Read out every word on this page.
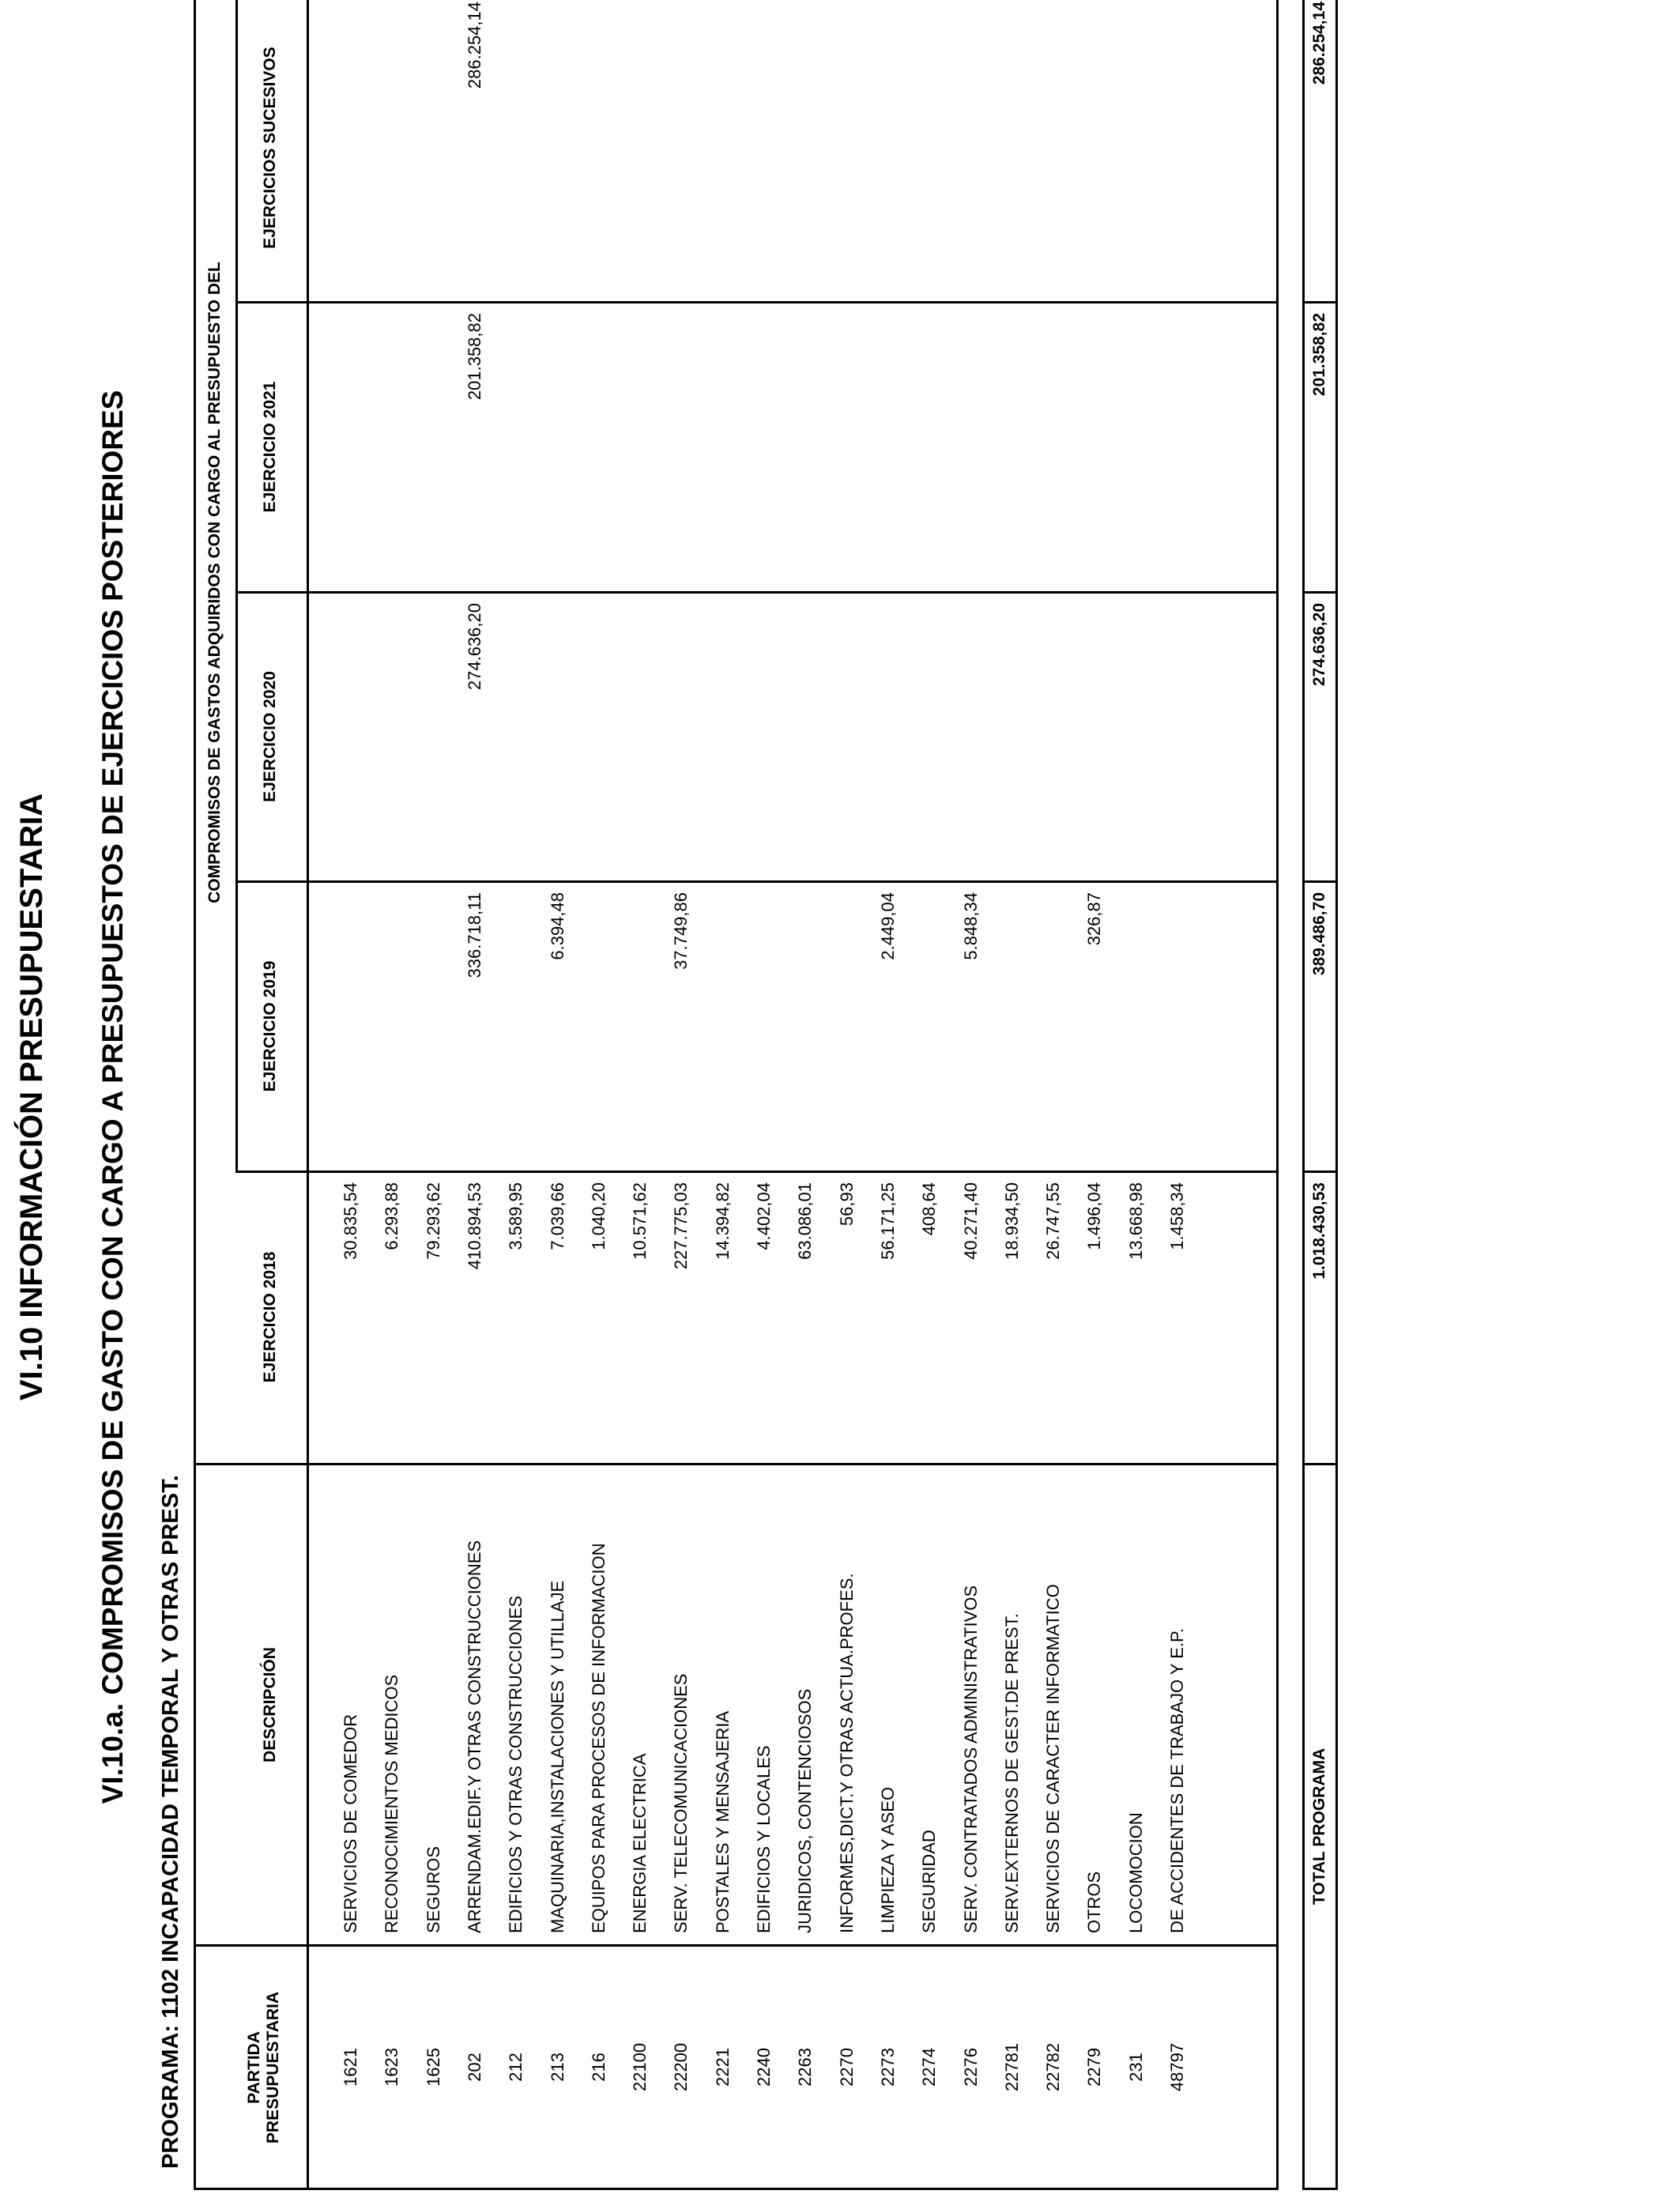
VI.10 INFORMACIÓN PRESUPUESTARIA VI.10.a. COMPROMISOS DE GASTO CON CARGO A PRESUPUESTOS DE EJERCICIOS POSTERIORES
PROGRAMA: 1102 INCAPACIDAD TEMPORAL Y OTRAS PREST.	PARTIDA PRESUPUESTARIA
DESCRIPCIÓN
EJERCICIO 2018
COMPROMISOS DE GASTOS ADQUIRIDOS CON CARGO AL PRESUPUESTO DEL
EJERCICIO 2019
EJERCICIO 2020
EJERCICIO 2021
EJERCICIOS SUCESIVOS
1621
SERVICIOS DE COMEDOR
30.835,54
1623
RECONOCIMIENTOS MEDICOS
6.293,88
1625
SEGUROS
79.293,62
202
ARRENDAM.EDIF.Y OTRAS CONSTRUCCIONES
410.894,53
336.718,11
274.636,20
201.358,82
286.254,14
212
EDIFICIOS Y OTRAS CONSTRUCCIONES
3.589,95
213
MAQUINARIA,INSTALACIONES Y UTILLAJE
7.039,66
6.394,48
216
EQUIPOS PARA PROCESOS DE INFORMACION
1.040,20
22100
ENERGIA ELECTRICA
10.571,62
22200
SERV. TELECOMUNICACIONES
227.775,03
37.749,86
2221
POSTALES Y MENSAJERIA
14.394,82
2240
EDIFICIOS Y LOCALES
4.402,04
2263
JURIDICOS, CONTENCIOSOS
63.086,01
2270
INFORMES,DICT.Y OTRAS ACTUA.PROFES.
56,93
2273
LIMPIEZA Y ASEO
56.171,25
2.449,04
2274
SEGURIDAD
408,64
2276
SERV. CONTRATADOS ADMINISTRATIVOS
40.271,40
5.848,34
22781
SERV.EXTERNOS DE GEST.DE PREST.
18.934,50
22782
SERVICIOS DE CARACTER INFORMATICO
26.747,55
2279
OTROS
1.496,04
326,87
231
LOCOMOCION
13.668,98
48797
DE ACCIDENTES DE TRABAJO Y E.P.
1.458,34
TOTAL PROGRAMA
1.018.430,53
389.486,70
274.636,20
201.358,82
286.254,14
